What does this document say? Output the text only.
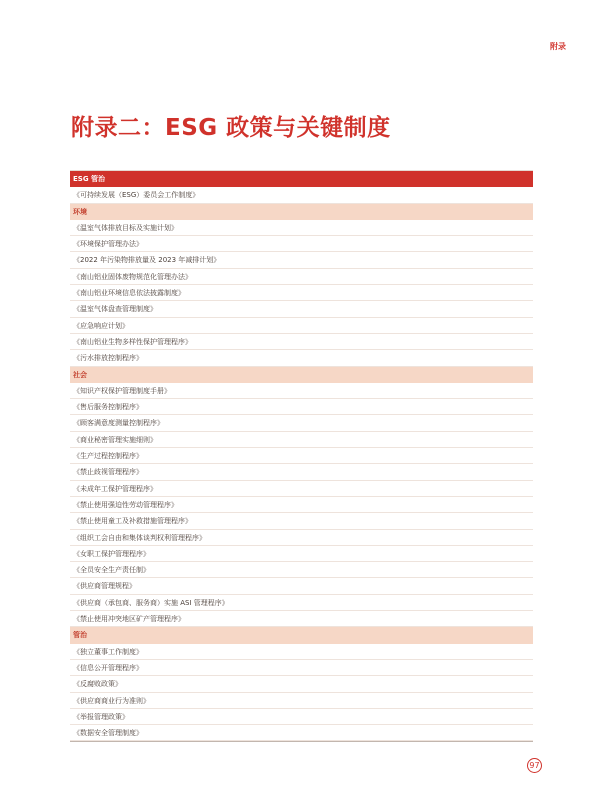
附录
附录二：ESG 政策与关键制度
ESG 管治
《可持续发展（ESG）委员会工作制度》
环境
《温室气体排放目标及实施计划》
《环境保护管理办法》
《2022 年污染物排放量及 2023 年减排计划》
《南山铝业固体废物规范化管理办法》
《南山铝业环境信息依法披露制度》
《温室气体盘查管理制度》
《应急响应计划》
《南山铝业生物多样性保护管理程序》
《污水排放控制程序》
社会
《知识产权保护管理制度手册》
《售后服务控制程序》
《顾客满意度测量控制程序》
《商业秘密管理实施细则》
《生产过程控制程序》
《禁止歧视管理程序》
《未成年工保护管理程序》
《禁止使用强迫性劳动管理程序》
《禁止使用童工及补救措施管理程序》
《组织工会自由和集体谈判权利管理程序》
《女职工保护管理程序》
《全员安全生产责任制》
《供应商管理规程》
《供应商（承包商、服务商）实施 ASI 管理程序》
《禁止使用冲突地区矿产管理程序》
管治
《独立董事工作制度》
《信息公开管理程序》
《反腐败政策》
《供应商商业行为准则》
《举报管理政策》
《数据安全管理制度》
97
